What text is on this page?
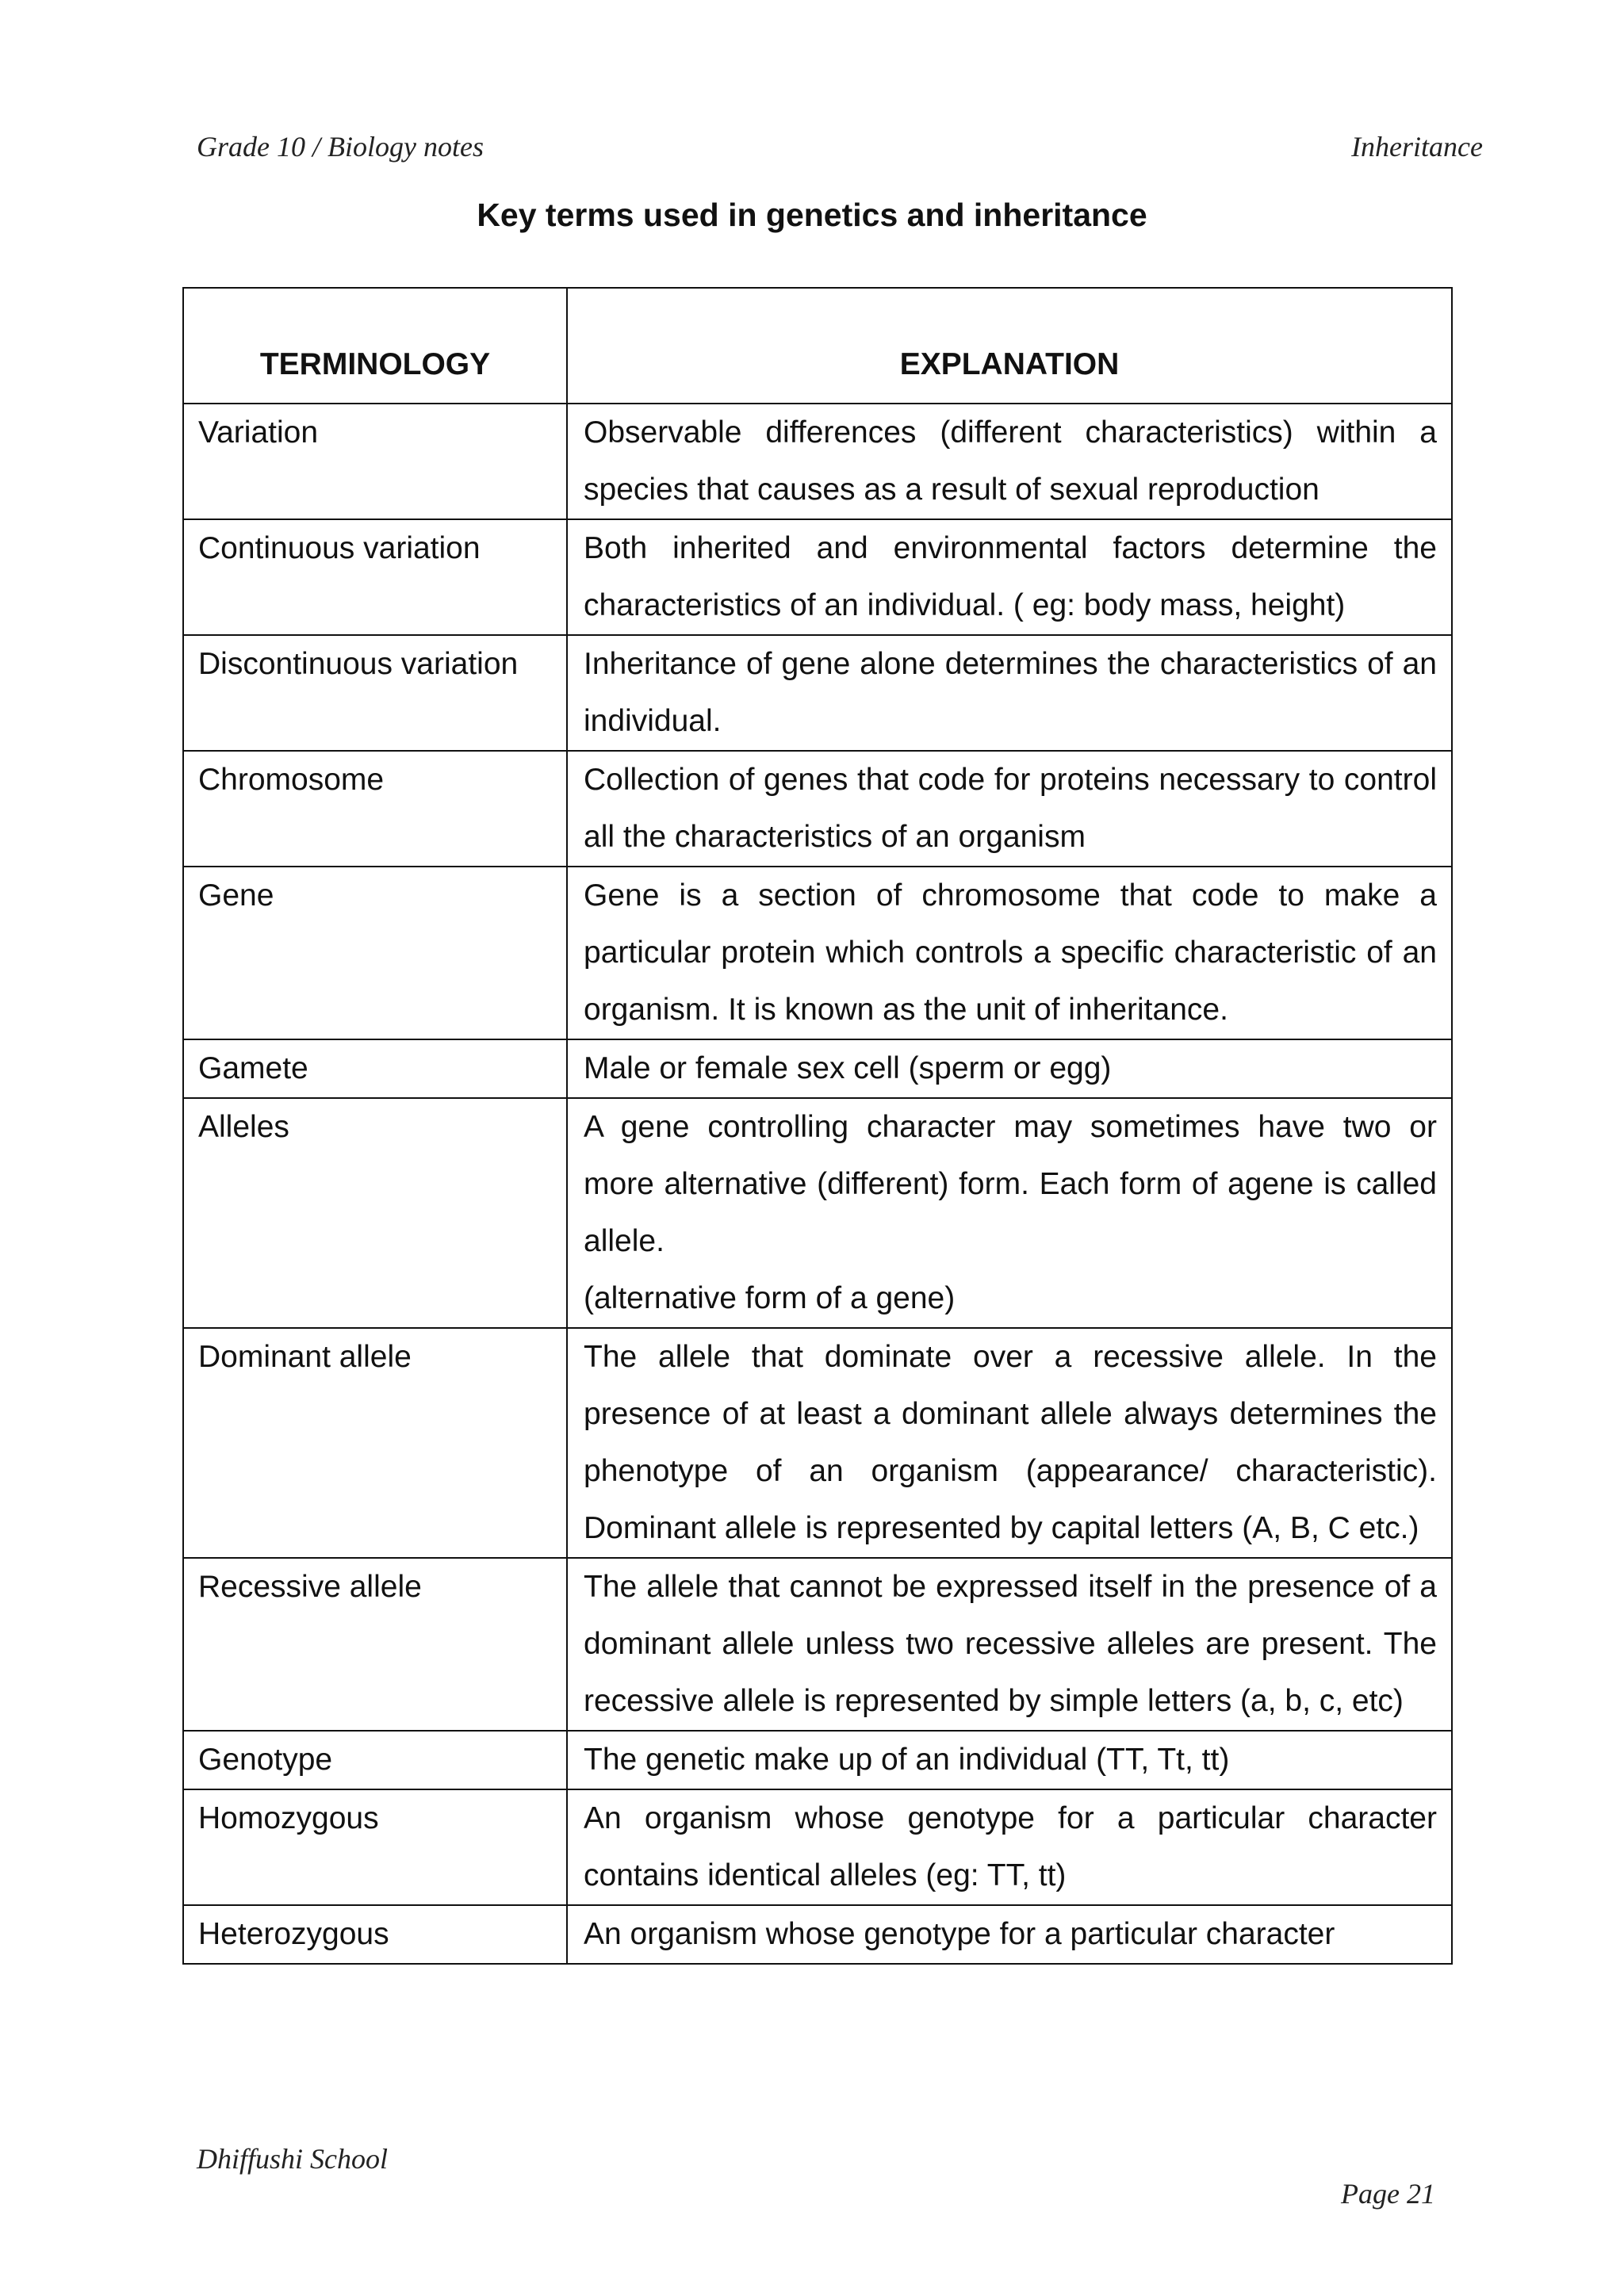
Grade 10 / Biology notes	Inheritance
Key terms used in genetics and inheritance
TERMINOLOGY	EXPLANATION

Variation	Observable differences (different characteristics) within a species that causes as a result of sexual reproduction
Continuous variation	Both inherited and environmental factors determine the characteristics of an individual. ( eg: body mass, height)
Discontinuous variation	Inheritance of gene alone determines the characteristics of an individual.
Chromosome	Collection of genes that code for proteins necessary to control all the characteristics of an organism
Gene	Gene is a section of chromosome that code to make a particular protein which controls a specific characteristic of an organism. It is known as the unit of inheritance.
Gamete	Male or female sex cell (sperm or egg)
Alleles	A gene controlling character may sometimes have two or more alternative (different) form. Each form of agene is called allele.
(alternative form of a gene)

Dominant allele	The allele that dominate over a recessive allele. In the presence of at least a dominant allele always determines the phenotype of an organism (appearance/ characteristic). Dominant allele is represented by capital letters (A, B, C etc.)
Recessive allele	The allele that cannot be expressed itself in the presence of a dominant allele unless two recessive alleles are present. The recessive allele is represented by simple letters (a, b, c, etc)
Genotype	The genetic make up of an individual (TT, Tt, tt)
Homozygous	An organism whose genotype for a particular character contains identical alleles (eg: TT, tt)
Heterozygous	An organism whose genotype for a particular character
Dhiffushi School
Page 21
